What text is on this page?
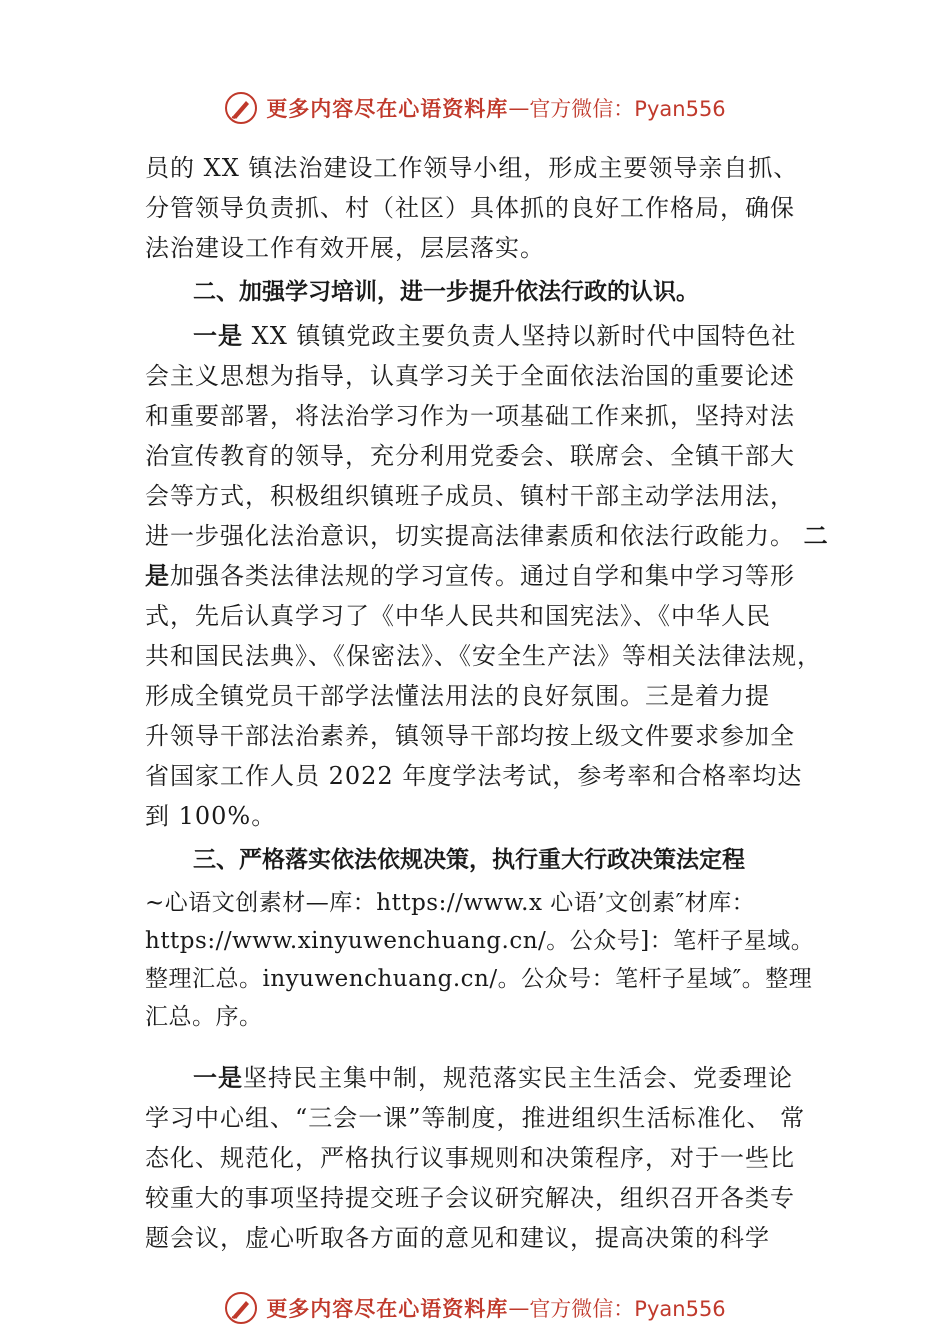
更多内容尽在心语资料库 — 官方微信：Pyan556

员的 XX 镇法治建设工作领导小组，形成主要领导亲自抓、

分管领导负责抓、村（社区）具体抓的良好工作格局，确保

法治建设工作有效开展，层层落实。

二、加强学习培训，进一步提升依法行政的认识。

一是 XX 镇镇党政主要负责人坚持以新时代中国特色社

会主义思想为指导，认真学习关于全面依法治国的重要论述

和重要部署，将法治学习作为一项基础工作来抓，坚持对法

治宣传教育的领导，充分利用党委会、联席会、全镇干部大

会等方式，积极组织镇班子成员、镇村干部主动学法用法，

进一步强化法治意识，切实提高法律素质和依法行政能力。 二

是加强各类法律法规的学习宣传。通过自学和集中学习等形

式，先后认真学习了《中华人民共和国宪法》、《中华人民

共和国民法典》、《保密法》、《安全生产法》等相关法律法规，

形成全镇党员干部学法懂法用法的良好氛围。三是着力提

升领导干部法治素养，镇领导干部均按上级文件要求参加全

省国家工作人员 2022 年度学法考试，参考率和合格率均达

到 100%。

三、严格落实依法依规决策，执行重大行政决策法定程

~心语文创素材—库：https://www.x 心语’文创素″材库：

https://www.xinyuwenchuang.cn/。公众号]：笔杆子星域。

整理汇总。inyuwenchuang.cn/。公众号：笔杆子星域″。整理

汇总。序。

一是坚持民主集中制，规范落实民主生活会、党委理论

学习中心组、“三会一课”等制度，推进组织生活标准化、 常

态化、规范化，严格执行议事规则和决策程序，对于一些比

较重大的事项坚持提交班子会议研究解决，组织召开各类专

题会议，虚心听取各方面的意见和建议，提高决策的科学

更多内容尽在心语资料库 — 官方微信：Pyan556
